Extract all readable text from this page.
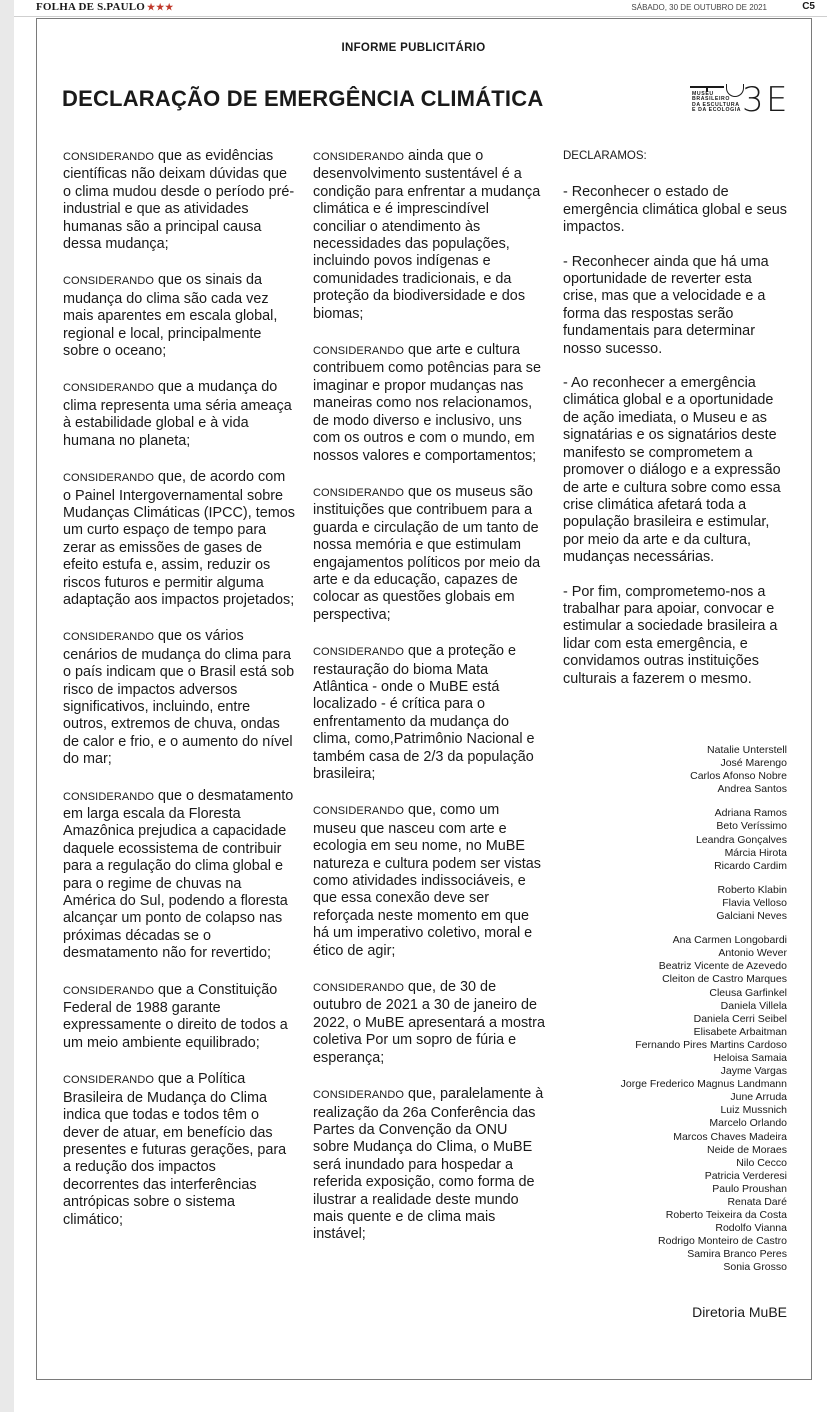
FOLHA DE S.PAULO ★★★	SÁBADO, 30 DE OUTUBRO DE 2021	C5
INFORME PUBLICITÁRIO
DECLARAÇÃO DE EMERGÊNCIA CLIMÁTICA	MUSEU
BRASILEIRO
DA ESCULTURA
E DA ECOLOGIA 3 E

CONSIDERANDO que as evidências científicas não deixam dúvidas que o clima mudou desde o período pré-industrial e que as atividades humanas são a principal causa dessa mudança;

CONSIDERANDO que os sinais da mudança do clima são cada vez mais aparentes em escala global, regional e local, principalmente sobre o oceano;

CONSIDERANDO que a mudança do clima representa uma séria ameaça à estabilidade global e à vida humana no planeta;

CONSIDERANDO que, de acordo com o Painel Intergovernamental sobre Mudanças Climáticas (IPCC), temos um curto espaço de tempo para zerar as emissões de gases de efeito estufa e, assim, reduzir os riscos futuros e permitir alguma adaptação aos impactos projetados;

CONSIDERANDO que os vários cenários de mudança do clima para o país indicam que o Brasil está sob risco de impactos adversos significativos, incluindo, entre outros, extremos de chuva, ondas de calor e frio, e o aumento do nível do mar;

CONSIDERANDO que o desmatamento em larga escala da Floresta Amazônica prejudica a capacidade daquele ecossistema de contribuir para a regulação do clima global e para o regime de chuvas na América do Sul, podendo a floresta alcançar um ponto de colapso nas próximas décadas se o desmatamento não for revertido;

CONSIDERANDO que a Constituição Federal de 1988 garante expressamente o direito de todos a um meio ambiente equilibrado;

CONSIDERANDO que a Política Brasileira de Mudança do Clima indica que todas e todos têm o dever de atuar, em benefício das presentes e futuras gerações, para a redução dos impactos decorrentes das interferências antrópicas sobre o sistema climático;

CONSIDERANDO ainda que o desenvolvimento sustentável é a condição para enfrentar a mudança climática e é imprescindível conciliar o atendimento às necessidades das populações, incluindo povos indígenas e comunidades tradicionais, e da proteção da biodiversidade e dos biomas;

CONSIDERANDO que arte e cultura contribuem como potências para se imaginar e propor mudanças nas maneiras como nos relacionamos, de modo diverso e inclusivo, uns com os outros e com o mundo, em nossos valores e comportamentos;

CONSIDERANDO que os museus são instituições que contribuem para a guarda e circulação de um tanto de nossa memória e que estimulam engajamentos políticos por meio da arte e da educação, capazes de colocar as questões globais em perspectiva;

CONSIDERANDO que a proteção e restauração do bioma Mata Atlântica - onde o MuBE está localizado - é crítica para o enfrentamento da mudança do clima, como,Patrimônio Nacional e também casa de 2/3 da população brasileira;

CONSIDERANDO que, como um museu que nasceu com arte e ecologia em seu nome, no MuBE natureza e cultura podem ser vistas como atividades indissociáveis, e que essa conexão deve ser reforçada neste momento em que há um imperativo coletivo, moral e ético de agir;

CONSIDERANDO que, de 30 de outubro de 2021 a 30 de janeiro de 2022, o MuBE apresentará a mostra coletiva Por um sopro de fúria e esperança;

CONSIDERANDO que, paralelamente à realização da 26a Conferência das Partes da Convenção da ONU sobre Mudança do Clima, o MuBE será inundado para hospedar a referida exposição, como forma de ilustrar a realidade deste mundo mais quente e de clima mais instável;

DECLARAMOS:

- Reconhecer o estado de emergência climática global e seus impactos.

- Reconhecer ainda que há uma oportunidade de reverter esta crise, mas que a velocidade e a forma das respostas serão fundamentais para determinar nosso sucesso.

- Ao reconhecer a emergência climática global e a oportunidade de ação imediata, o Museu e as signatárias e os signatários deste manifesto se comprometem a promover o diálogo e a expressão de arte e cultura sobre como essa crise climática afetará toda a população brasileira e estimular, por meio da arte e da cultura, mudanças necessárias.

- Por fim, comprometemo-nos a trabalhar para apoiar, convocar e estimular a sociedade brasileira a lidar com esta emergência, e convidamos outras instituições culturais a fazerem o mesmo.

Natalie Unterstell
José Marengo
Carlos Afonso Nobre
Andrea Santos
Adriana Ramos
Beto Veríssimo
Leandra Gonçalves
Márcia Hirota
Ricardo Cardim
Roberto Klabin
Flavia Velloso
Galciani Neves
Ana Carmen Longobardi
Antonio Wever
Beatriz Vicente de Azevedo
Cleiton de Castro Marques
Cleusa Garfinkel
Daniela Villela
Daniela Cerri Seibel
Elisabete Arbaitman
Fernando Pires Martins Cardoso
Heloisa Samaia
Jayme Vargas
Jorge Frederico Magnus Landmann
June Arruda
Luiz Mussnich
Marcelo Orlando
Marcos Chaves Madeira
Neide de Moraes
Nilo Cecco
Patricia Verderesi
Paulo Proushan
Renata Daré
Roberto Teixeira da Costa
Rodolfo Vianna
Rodrigo Monteiro de Castro
Samira Branco Peres
Sonia Grosso
Diretoria MuBE
